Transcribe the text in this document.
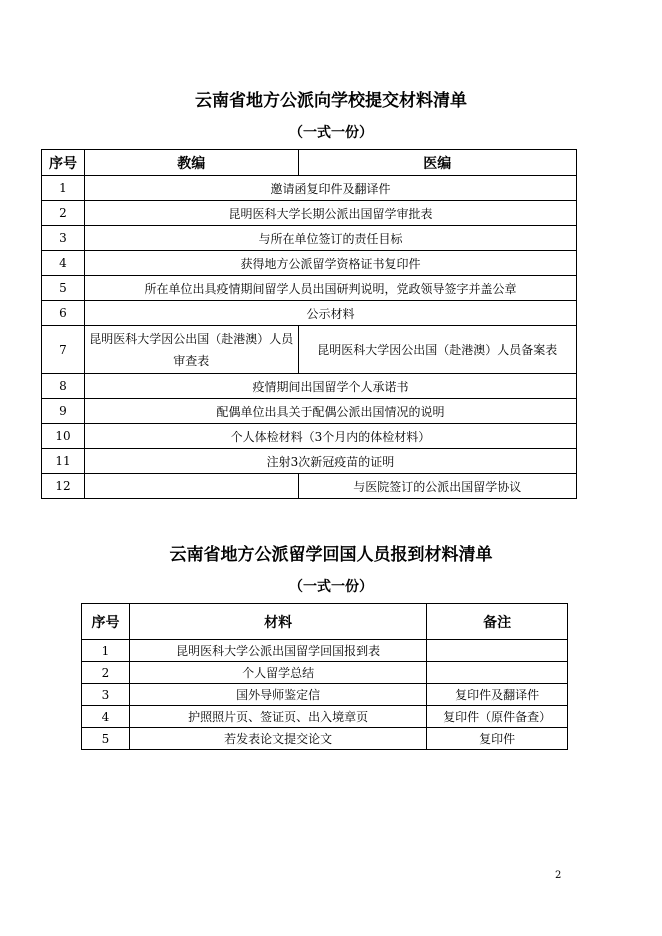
云南省地方公派向学校提交材料清单
（一式一份）
序号	教编	医编
1	邀请函复印件及翻译件	
2	昆明医科大学长期公派出国留学审批表	
3	与所在单位签订的责任目标	
4	获得地方公派留学资格证书复印件	
5	所在单位出具疫情期间留学人员出国研判说明，党政领导签字并盖公章	
6	公示材料	
7	昆明医科大学因公出国（赴港澳）人员审查表	昆明医科大学因公出国（赴港澳）人员备案表
8	疫情期间出国留学个人承诺书	
9	配偶单位出具关于配偶公派出国情况的说明	
10	个人体检材料（3个月内的体检材料）	
11	注射3次新冠疫苗的证明	
12		与医院签订的公派出国留学协议
云南省地方公派留学回国人员报到材料清单
（一式一份）
序号	材料	备注
1	昆明医科大学公派出国留学回国报到表	
2	个人留学总结	
3	国外导师鉴定信	复印件及翻译件
4	护照照片页、签证页、出入境章页	复印件（原件备查）
5	若发表论文提交论文	复印件
2
